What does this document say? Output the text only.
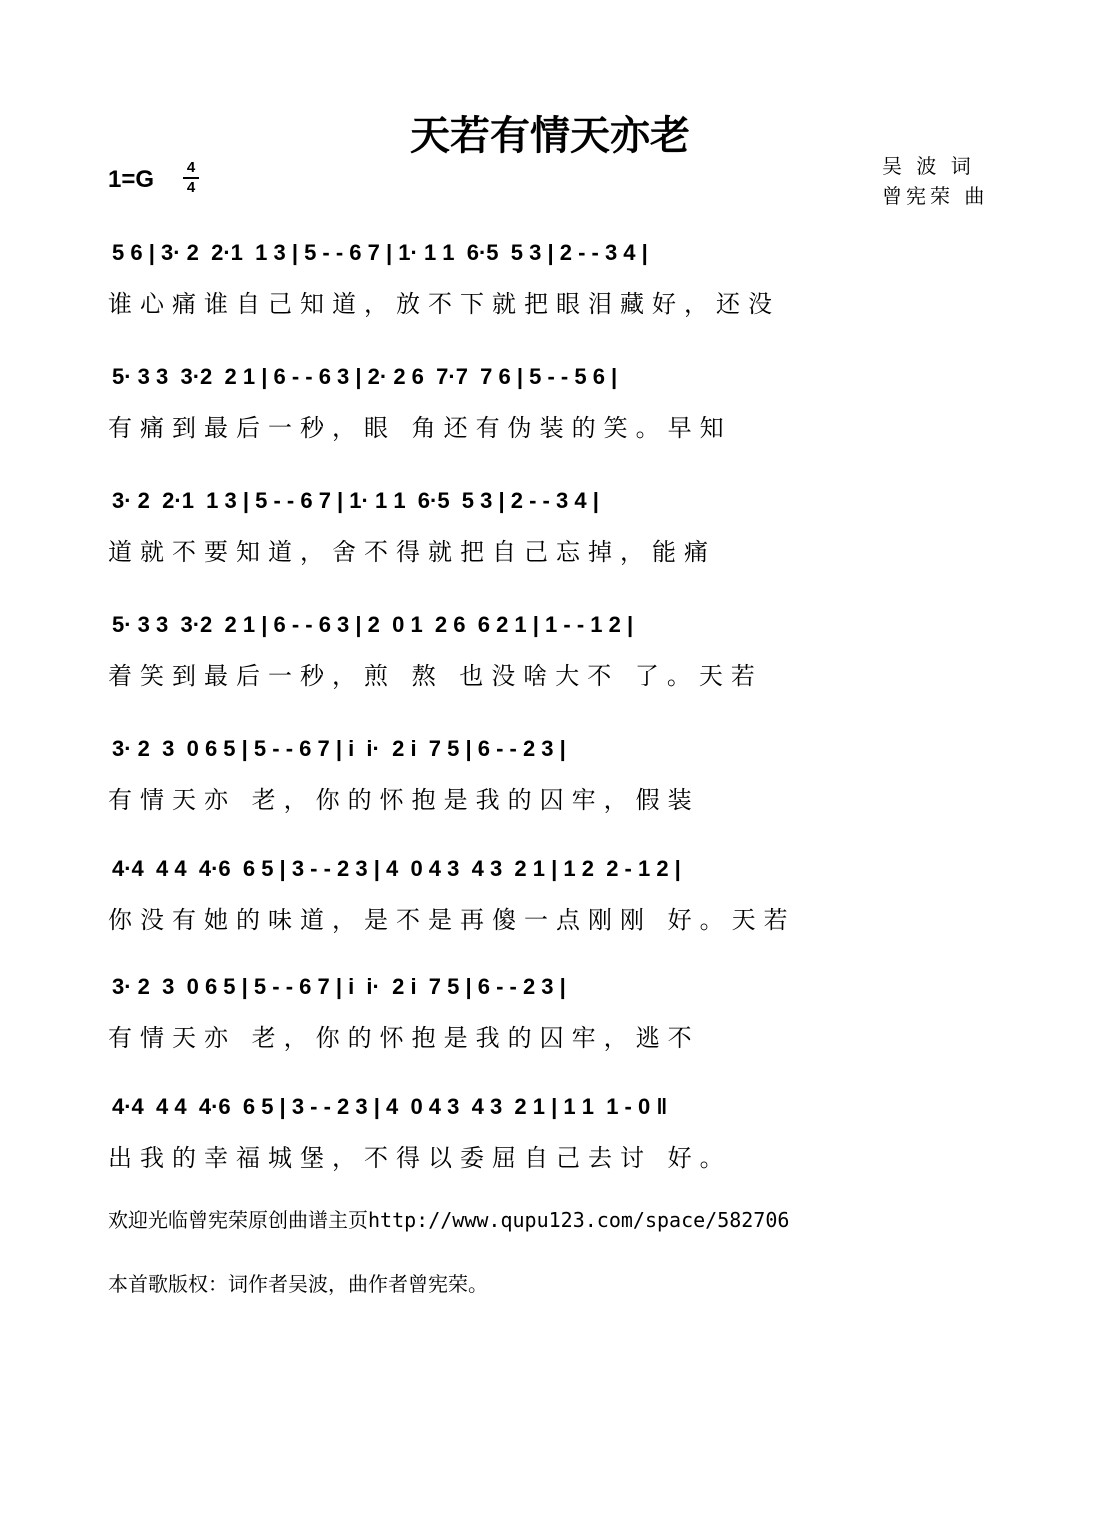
天若有情天亦老
1=G 4
4
吴 波 词
曾宪荣 曲
5 6 | 3· 2  2·1  1 3 | 5 - - 6 7 | 1· 1 1  6·5  5 3 | 2 - - 3 4 |
谁心痛谁自己知道，放不下就把眼泪藏好，还没
5· 3 3  3·2  2 1 | 6 - - 6 3 | 2· 2 6  7·7  7 6 | 5 - - 5 6 |
有痛到最后一秒，眼 角还有伪装的笑。早知
3· 2  2·1  1 3 | 5 - - 6 7 | 1· 1 1  6·5  5 3 | 2 - - 3 4 |
道就不要知道，舍不得就把自己忘掉，能痛
5· 3 3  3·2  2 1 | 6 - - 6 3 | 2  0 1  2 6  6 2 1 | 1 - - 1 2 |
着笑到最后一秒，煎 熬 也没啥大不 了。天若
3· 2  3  0 6 5 | 5 - - 6 7 | i  i·  2 i  7 5 | 6 - - 2 3 |
有情天亦 老，你的怀抱是我的囚牢，假装
4·4  4 4  4·6  6 5 | 3 - - 2 3 | 4  0 4 3  4 3  2 1 | 1 2  2 - 1 2 |
你没有她的味道，是不是再傻一点刚刚 好。天若
3· 2  3  0 6 5 | 5 - - 6 7 | i  i·  2 i  7 5 | 6 - - 2 3 |
有情天亦 老，你的怀抱是我的囚牢，逃不
4·4  4 4  4·6  6 5 | 3 - - 2 3 | 4  0 4 3  4 3  2 1 | 1 1  1 - 0 ‖
出我的幸福城堡，不得以委屈自己去讨 好。
欢迎光临曾宪荣原创曲谱主页http://www.qupu123.com/space/582706
本首歌版权：词作者吴波，曲作者曾宪荣。
